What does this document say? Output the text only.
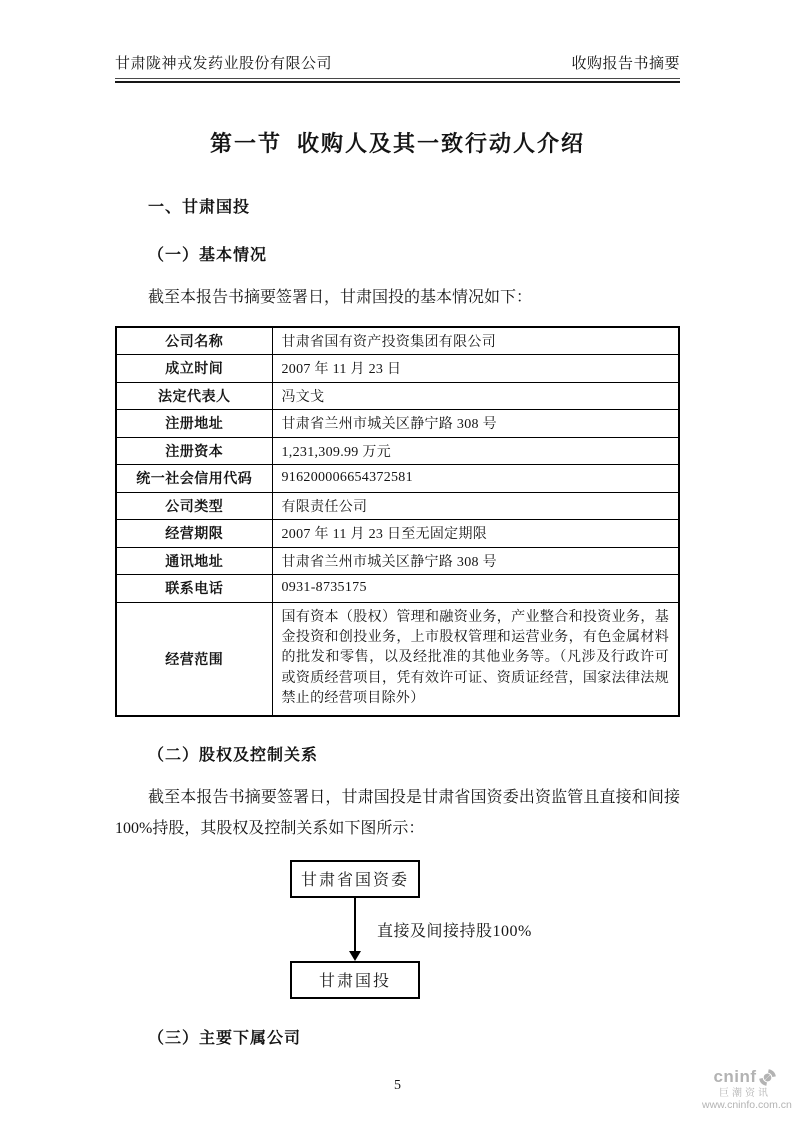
甘肃陇神戎发药业股份有限公司	收购报告书摘要
第一节  收购人及其一致行动人介绍
一、甘肃国投
（一）基本情况
截至本报告书摘要签署日，甘肃国投的基本情况如下：
公司名称	甘肃省国有资产投资集团有限公司
成立时间	2007 年 11 月 23 日
法定代表人	冯文戈
注册地址	甘肃省兰州市城关区静宁路 308 号
注册资本	1,231,309.99 万元
统一社会信用代码	916200006654372581
公司类型	有限责任公司
经营期限	2007 年 11 月 23 日至无固定期限
通讯地址	甘肃省兰州市城关区静宁路 308 号
联系电话	0931-8735175
经营范围	国有资本（股权）管理和融资业务，产业整合和投资业务，基金投资和创投业务，上市股权管理和运营业务，有色金属材料的批发和零售，以及经批准的其他业务等。（凡涉及行政许可或资质经营项目，凭有效许可证、资质证经营，国家法律法规禁止的经营项目除外）
（二）股权及控制关系
截至本报告书摘要签署日，甘肃国投是甘肃省国资委出资监管且直接和间接100%持股，其股权及控制关系如下图所示：
甘肃省国资委
直接及间接持股100%
甘肃国投
（三）主要下属公司
5	cninf
巨潮资讯
www.cninfo.com.cn
